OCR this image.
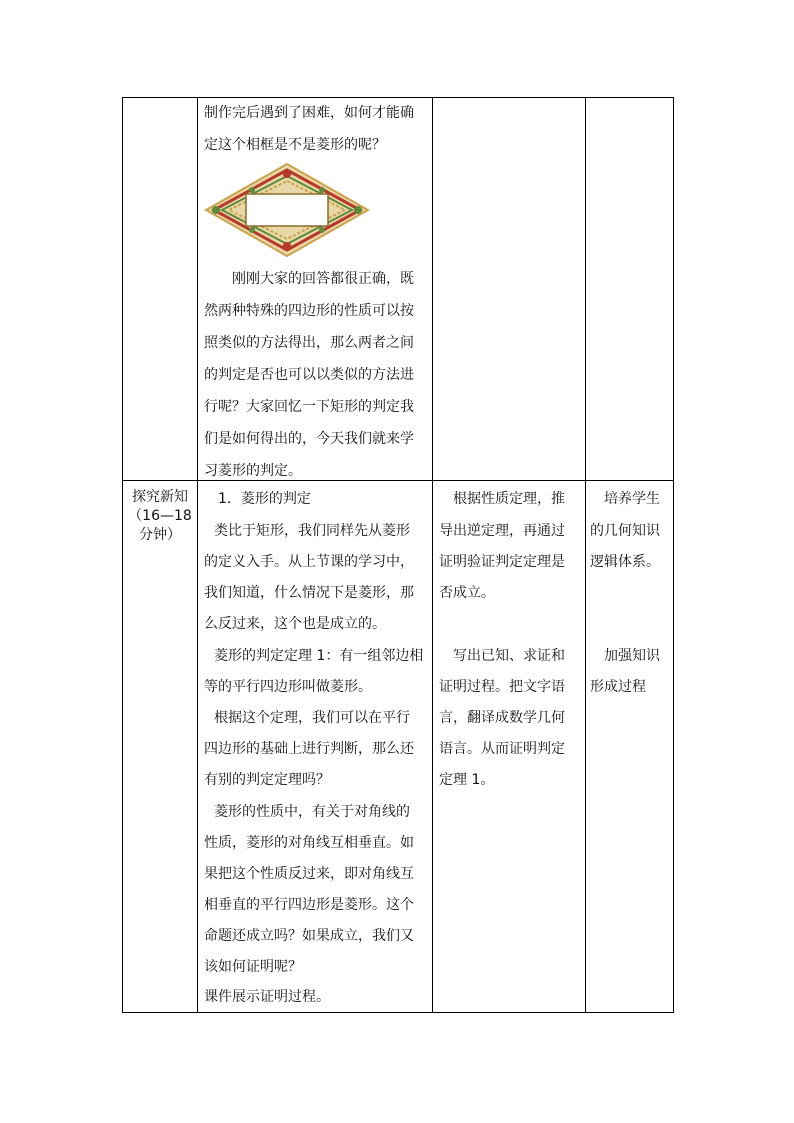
制作完后遇到了困难，如何才能确
定这个相框是不是菱形的呢？
刚刚大家的回答都很正确，既
然两种特殊的四边形的性质可以按
照类似的方法得出，那么两者之间
的判定是否也可以以类似的方法进
行呢？大家回忆一下矩形的判定我
们是如何得出的，今天我们就来学
习菱形的判定。
探究新知
（16—18
分钟）
1．菱形的判定
类比于矩形，我们同样先从菱形
的定义入手。从上节课的学习中，
我们知道，什么情况下是菱形，那
么反过来，这个也是成立的。
菱形的判定定理 1：有一组邻边相
等的平行四边形叫做菱形。
根据这个定理，我们可以在平行
四边形的基础上进行判断，那么还
有别的判定定理吗？
菱形的性质中，有关于对角线的
性质，菱形的对角线互相垂直。如
果把这个性质反过来，即对角线互
相垂直的平行四边形是菱形。这个
命题还成立吗？如果成立，我们又
该如何证明呢？
课件展示证明过程。
根据性质定理，推
导出逆定理，再通过
证明验证判定定理是
否成立。
写出已知、求证和
证明过程。把文字语
言，翻译成数学几何
语言。从而证明判定
定理 1。
培养学生
的几何知识
逻辑体系。
加强知识
形成过程
